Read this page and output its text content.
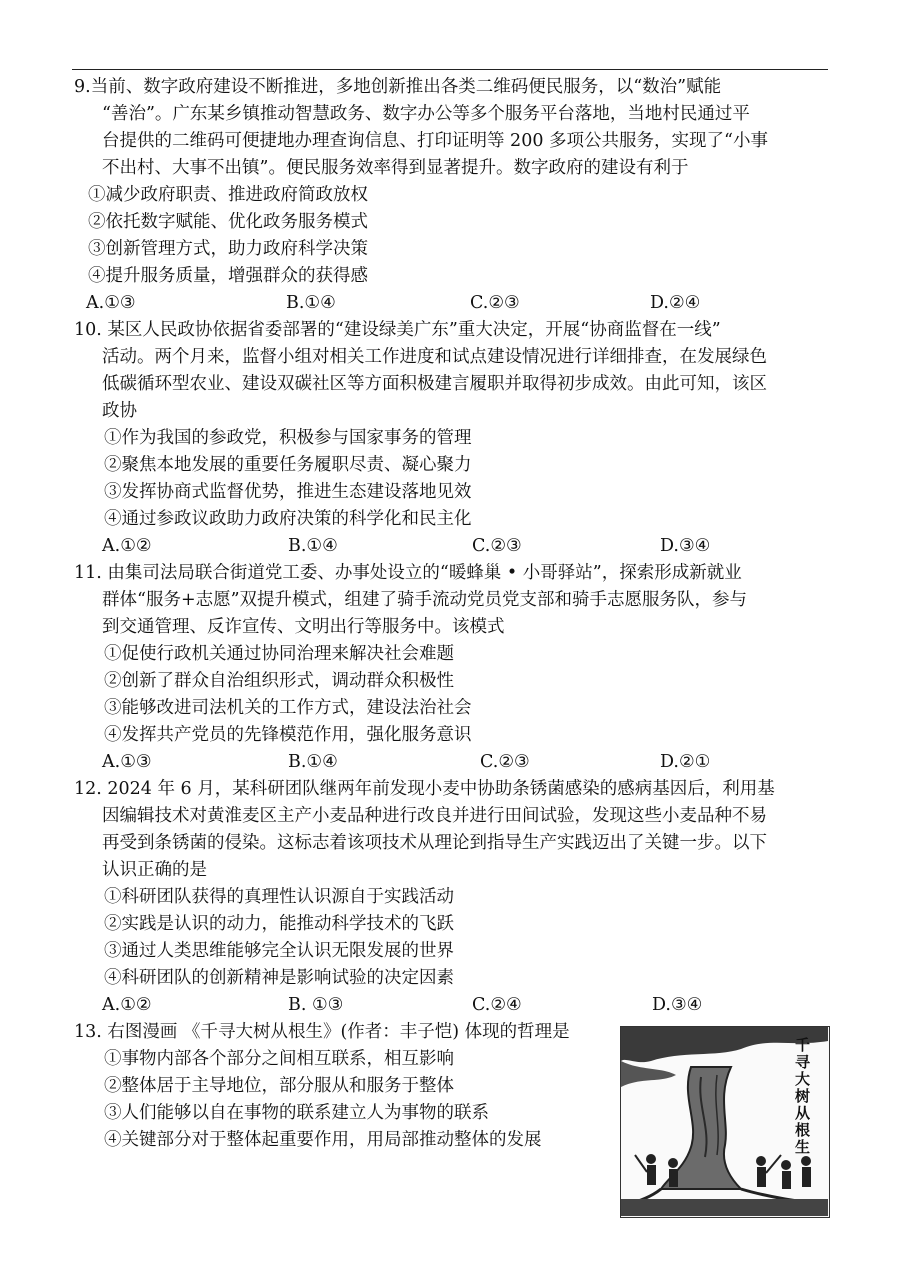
9.当前、数字政府建设不断推进，多地创新推出各类二维码便民服务，以“数治”赋能
“善治”。广东某乡镇推动智慧政务、数字办公等多个服务平台落地，当地村民通过平
台提供的二维码可便捷地办理查询信息、打印证明等 200 多项公共服务，实现了“小事
不出村、大事不出镇”。便民服务效率得到显著提升。数字政府的建设有利于
①减少政府职责、推进政府简政放权
②依托数字赋能、优化政务服务模式
③创新管理方式，助力政府科学决策
④提升服务质量，增强群众的获得感
A.①③	B.①④	C.②③	D.②④
10. 某区人民政协依据省委部署的“建设绿美广东”重大决定，开展“协商监督在一线”
活动。两个月来，监督小组对相关工作进度和试点建设情况进行详细排查，在发展绿色
低碳循环型农业、建设双碳社区等方面积极建言履职并取得初步成效。由此可知，该区
政协
①作为我国的参政党，积极参与国家事务的管理
②聚焦本地发展的重要任务履职尽责、凝心聚力
③发挥协商式监督优势，推进生态建设落地见效
④通过参政议政助力政府决策的科学化和民主化
A.①②	B.①④	C.②③	D.③④
11. 由集司法局联合街道党工委、办事处设立的“暖蜂巢 • 小哥驿站”，探索形成新就业
群体“服务+志愿”双提升模式，组建了骑手流动党员党支部和骑手志愿服务队，参与
到交通管理、反诈宣传、文明出行等服务中。该模式
①促使行政机关通过协同治理来解决社会难题
②创新了群众自治组织形式，调动群众积极性
③能够改进司法机关的工作方式，建设法治社会
④发挥共产党员的先锋模范作用，强化服务意识
A.①③	B.①④	C.②③	D.②①
12. 2024 年 6 月，某科研团队继两年前发现小麦中协助条锈菌感染的感病基因后，利用基
因编辑技术对黄淮麦区主产小麦品种进行改良并进行田间试验，发现这些小麦品种不易
再受到条锈菌的侵染。这标志着该项技术从理论到指导生产实践迈出了关键一步。以下
认识正确的是
①科研团队获得的真理性认识源自于实践活动
②实践是认识的动力，能推动科学技术的飞跃
③通过人类思维能够完全认识无限发展的世界
④科研团队的创新精神是影响试验的决定因素
A.①②	B. ①③	C.②④	D.③④
13. 右图漫画 《千寻大树从根生》(作者：丰子恺) 体现的哲理是
①事物内部各个部分之间相互联系，相互影响
②整体居于主导地位，部分服从和服务于整体
③人们能够以自在事物的联系建立人为事物的联系
④关键部分对于整体起重要作用，用局部推动整体的发展	千寻大树从根生
